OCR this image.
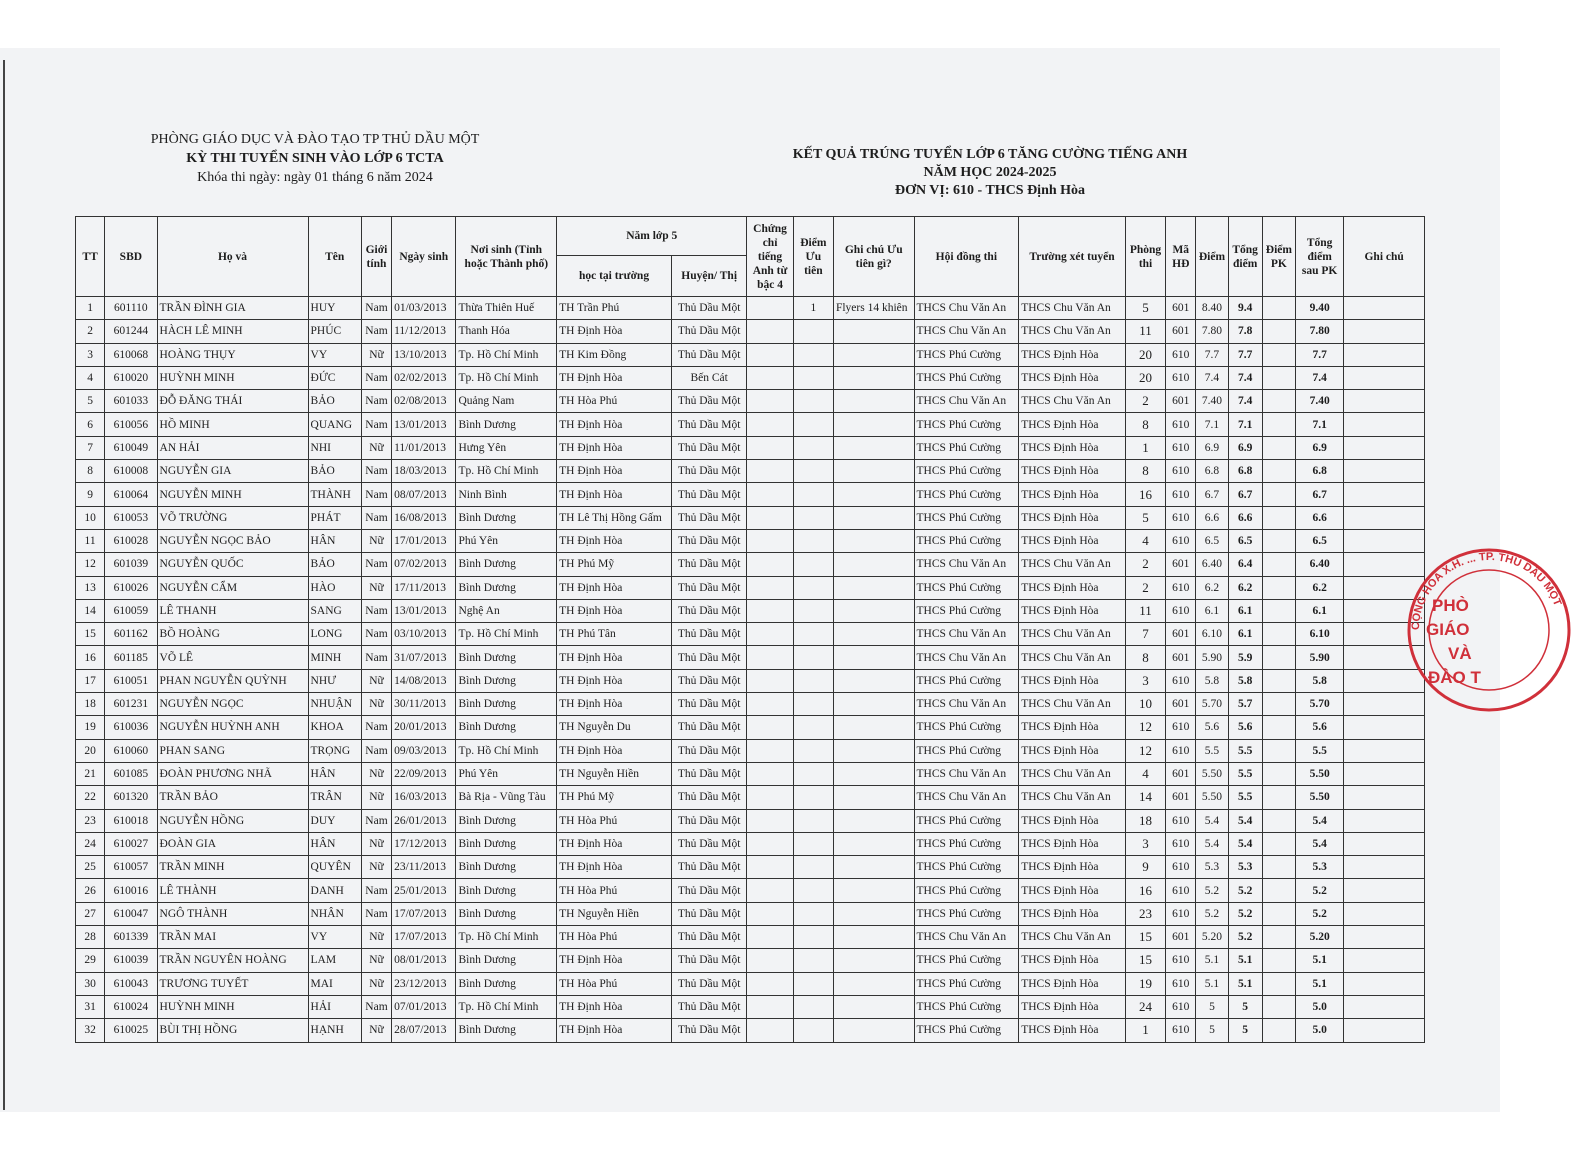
PHÒNG GIÁO DỤC VÀ ĐÀO TẠO TP THỦ DẦU MỘT
KỲ THI TUYỂN SINH VÀO LỚP 6 TCTA
Khóa thi ngày: ngày 01 tháng 6 năm 2024
KẾT QUẢ TRÚNG TUYỂN LỚP 6 TĂNG CƯỜNG TIẾNG ANH
NĂM HỌC 2024-2025
ĐƠN VỊ: 610 - THCS Định Hòa
TT	SBD	Họ và	Tên	Giới tính	Ngày sinh	Nơi sinh (Tỉnh hoặc Thành phố)	Năm lớp 5		Chứng chỉ tiếng Anh từ bậc 4	Điểm Ưu tiên	Ghi chú Ưu tiên gì?	Hội đồng thi	Trường xét tuyển	Phòng thi	Mã HĐ	Điểm	Tổng điểm	Điểm PK	Tổng điểm sau PK	Ghi chú
							học tại trường	Huyện/ Thị												
1	601110	TRẦN ĐÌNH GIA	HUY	Nam	01/03/2013	Thừa Thiên Huế	TH Trần Phú	Thủ Dầu Một		1	Flyers 14 khiên	THCS Chu Văn An	THCS Chu Văn An	5	601	8.40	9.4		9.40	
2	601244	HÀCH LÊ MINH	PHÚC	Nam	11/12/2013	Thanh Hóa	TH Định Hòa	Thủ Dầu Một				THCS Chu Văn An	THCS Chu Văn An	11	601	7.80	7.8		7.80	
3	610068	HOÀNG THỤY	VY	Nữ	13/10/2013	Tp. Hồ Chí Minh	TH Kim Đồng	Thủ Dầu Một				THCS Phú Cường	THCS Định Hòa	20	610	7.7	7.7		7.7	
4	610020	HUỲNH MINH	ĐỨC	Nam	02/02/2013	Tp. Hồ Chí Minh	TH Định Hòa	Bến Cát				THCS Phú Cường	THCS Định Hòa	20	610	7.4	7.4		7.4	
5	601033	ĐỖ ĐĂNG THÁI	BẢO	Nam	02/08/2013	Quảng Nam	TH Hòa Phú	Thủ Dầu Một				THCS Chu Văn An	THCS Chu Văn An	2	601	7.40	7.4		7.40	
6	610056	HỒ MINH	QUANG	Nam	13/01/2013	Bình Dương	TH Định Hòa	Thủ Dầu Một				THCS Phú Cường	THCS Định Hòa	8	610	7.1	7.1		7.1	
7	610049	AN HẢI	NHI	Nữ	11/01/2013	Hưng Yên	TH Định Hòa	Thủ Dầu Một				THCS Phú Cường	THCS Định Hòa	1	610	6.9	6.9		6.9	
8	610008	NGUYỄN GIA	BẢO	Nam	18/03/2013	Tp. Hồ Chí Minh	TH Định Hòa	Thủ Dầu Một				THCS Phú Cường	THCS Định Hòa	8	610	6.8	6.8		6.8	
9	610064	NGUYỄN MINH	THÀNH	Nam	08/07/2013	Ninh Bình	TH Định Hòa	Thủ Dầu Một				THCS Phú Cường	THCS Định Hòa	16	610	6.7	6.7		6.7	
10	610053	VÕ TRƯỜNG	PHÁT	Nam	16/08/2013	Bình Dương	TH Lê Thị Hồng Gấm	Thủ Dầu Một				THCS Phú Cường	THCS Định Hòa	5	610	6.6	6.6		6.6	
11	610028	NGUYỄN NGỌC BẢO	HÂN	Nữ	17/01/2013	Phú Yên	TH Định Hòa	Thủ Dầu Một				THCS Phú Cường	THCS Định Hòa	4	610	6.5	6.5		6.5	
12	601039	NGUYỄN QUỐC	BẢO	Nam	07/02/2013	Bình Dương	TH Phú Mỹ	Thủ Dầu Một				THCS Chu Văn An	THCS Chu Văn An	2	601	6.40	6.4		6.40	
13	610026	NGUYỄN CẨM	HÀO	Nữ	17/11/2013	Bình Dương	TH Định Hòa	Thủ Dầu Một				THCS Phú Cường	THCS Định Hòa	2	610	6.2	6.2		6.2	
14	610059	LÊ THANH	SANG	Nam	13/01/2013	Nghệ An	TH Định Hòa	Thủ Dầu Một				THCS Phú Cường	THCS Định Hòa	11	610	6.1	6.1		6.1	
15	601162	BỒ HOÀNG	LONG	Nam	03/10/2013	Tp. Hồ Chí Minh	TH Phú Tân	Thủ Dầu Một				THCS Chu Văn An	THCS Chu Văn An	7	601	6.10	6.1		6.10	
16	601185	VÕ LÊ	MINH	Nam	31/07/2013	Bình Dương	TH Định Hòa	Thủ Dầu Một				THCS Chu Văn An	THCS Chu Văn An	8	601	5.90	5.9		5.90	
17	610051	PHAN NGUYỄN QUỲNH	NHƯ	Nữ	14/08/2013	Bình Dương	TH Định Hòa	Thủ Dầu Một				THCS Phú Cường	THCS Định Hòa	3	610	5.8	5.8		5.8	
18	601231	NGUYỄN NGỌC	NHUẬN	Nữ	30/11/2013	Bình Dương	TH Định Hòa	Thủ Dầu Một				THCS Chu Văn An	THCS Chu Văn An	10	601	5.70	5.7		5.70	
19	610036	NGUYỄN HUỲNH ANH	KHOA	Nam	20/01/2013	Bình Dương	TH Nguyễn Du	Thủ Dầu Một				THCS Phú Cường	THCS Định Hòa	12	610	5.6	5.6		5.6	
20	610060	PHAN SANG	TRỌNG	Nam	09/03/2013	Tp. Hồ Chí Minh	TH Định Hòa	Thủ Dầu Một				THCS Phú Cường	THCS Định Hòa	12	610	5.5	5.5		5.5	
21	601085	ĐOÀN PHƯƠNG NHÃ	HÂN	Nữ	22/09/2013	Phú Yên	TH Nguyễn Hiền	Thủ Dầu Một				THCS Chu Văn An	THCS Chu Văn An	4	601	5.50	5.5		5.50	
22	601320	TRẦN BẢO	TRÂN	Nữ	16/03/2013	Bà Rịa - Vũng Tàu	TH Phú Mỹ	Thủ Dầu Một				THCS Chu Văn An	THCS Chu Văn An	14	601	5.50	5.5		5.50	
23	610018	NGUYỄN HỒNG	DUY	Nam	26/01/2013	Bình Dương	TH Hòa Phú	Thủ Dầu Một				THCS Phú Cường	THCS Định Hòa	18	610	5.4	5.4		5.4	
24	610027	ĐOÀN GIA	HÂN	Nữ	17/12/2013	Bình Dương	TH Định Hòa	Thủ Dầu Một				THCS Phú Cường	THCS Định Hòa	3	610	5.4	5.4		5.4	
25	610057	TRẦN MINH	QUYÊN	Nữ	23/11/2013	Bình Dương	TH Định Hòa	Thủ Dầu Một				THCS Phú Cường	THCS Định Hòa	9	610	5.3	5.3		5.3	
26	610016	LÊ THÀNH	DANH	Nam	25/01/2013	Bình Dương	TH Hòa Phú	Thủ Dầu Một				THCS Phú Cường	THCS Định Hòa	16	610	5.2	5.2		5.2	
27	610047	NGÔ THÀNH	NHÂN	Nam	17/07/2013	Bình Dương	TH Nguyễn Hiền	Thủ Dầu Một				THCS Phú Cường	THCS Định Hòa	23	610	5.2	5.2		5.2	
28	601339	TRẦN MAI	VY	Nữ	17/07/2013	Tp. Hồ Chí Minh	TH Hòa Phú	Thủ Dầu Một				THCS Chu Văn An	THCS Chu Văn An	15	601	5.20	5.2		5.20	
29	610039	TRẦN NGUYÊN HOÀNG	LAM	Nữ	08/01/2013	Bình Dương	TH Định Hòa	Thủ Dầu Một				THCS Phú Cường	THCS Định Hòa	15	610	5.1	5.1		5.1	
30	610043	TRƯƠNG TUYẾT	MAI	Nữ	23/12/2013	Bình Dương	TH Hòa Phú	Thủ Dầu Một				THCS Phú Cường	THCS Định Hòa	19	610	5.1	5.1		5.1	
31	610024	HUỲNH MINH	HẢI	Nam	07/01/2013	Tp. Hồ Chí Minh	TH Định Hòa	Thủ Dầu Một				THCS Phú Cường	THCS Định Hòa	24	610	5	5		5.0	
32	610025	BÙI THỊ HỒNG	HẠNH	Nữ	28/07/2013	Bình Dương	TH Định Hòa	Thủ Dầu Một				THCS Phú Cường	THCS Định Hòa	1	610	5	5		5.0	
CỘNG HÒA X.H. ... TP. THỦ DẦU MỘT
PHÒ
GIÁO
VÀ
ĐÀO T
